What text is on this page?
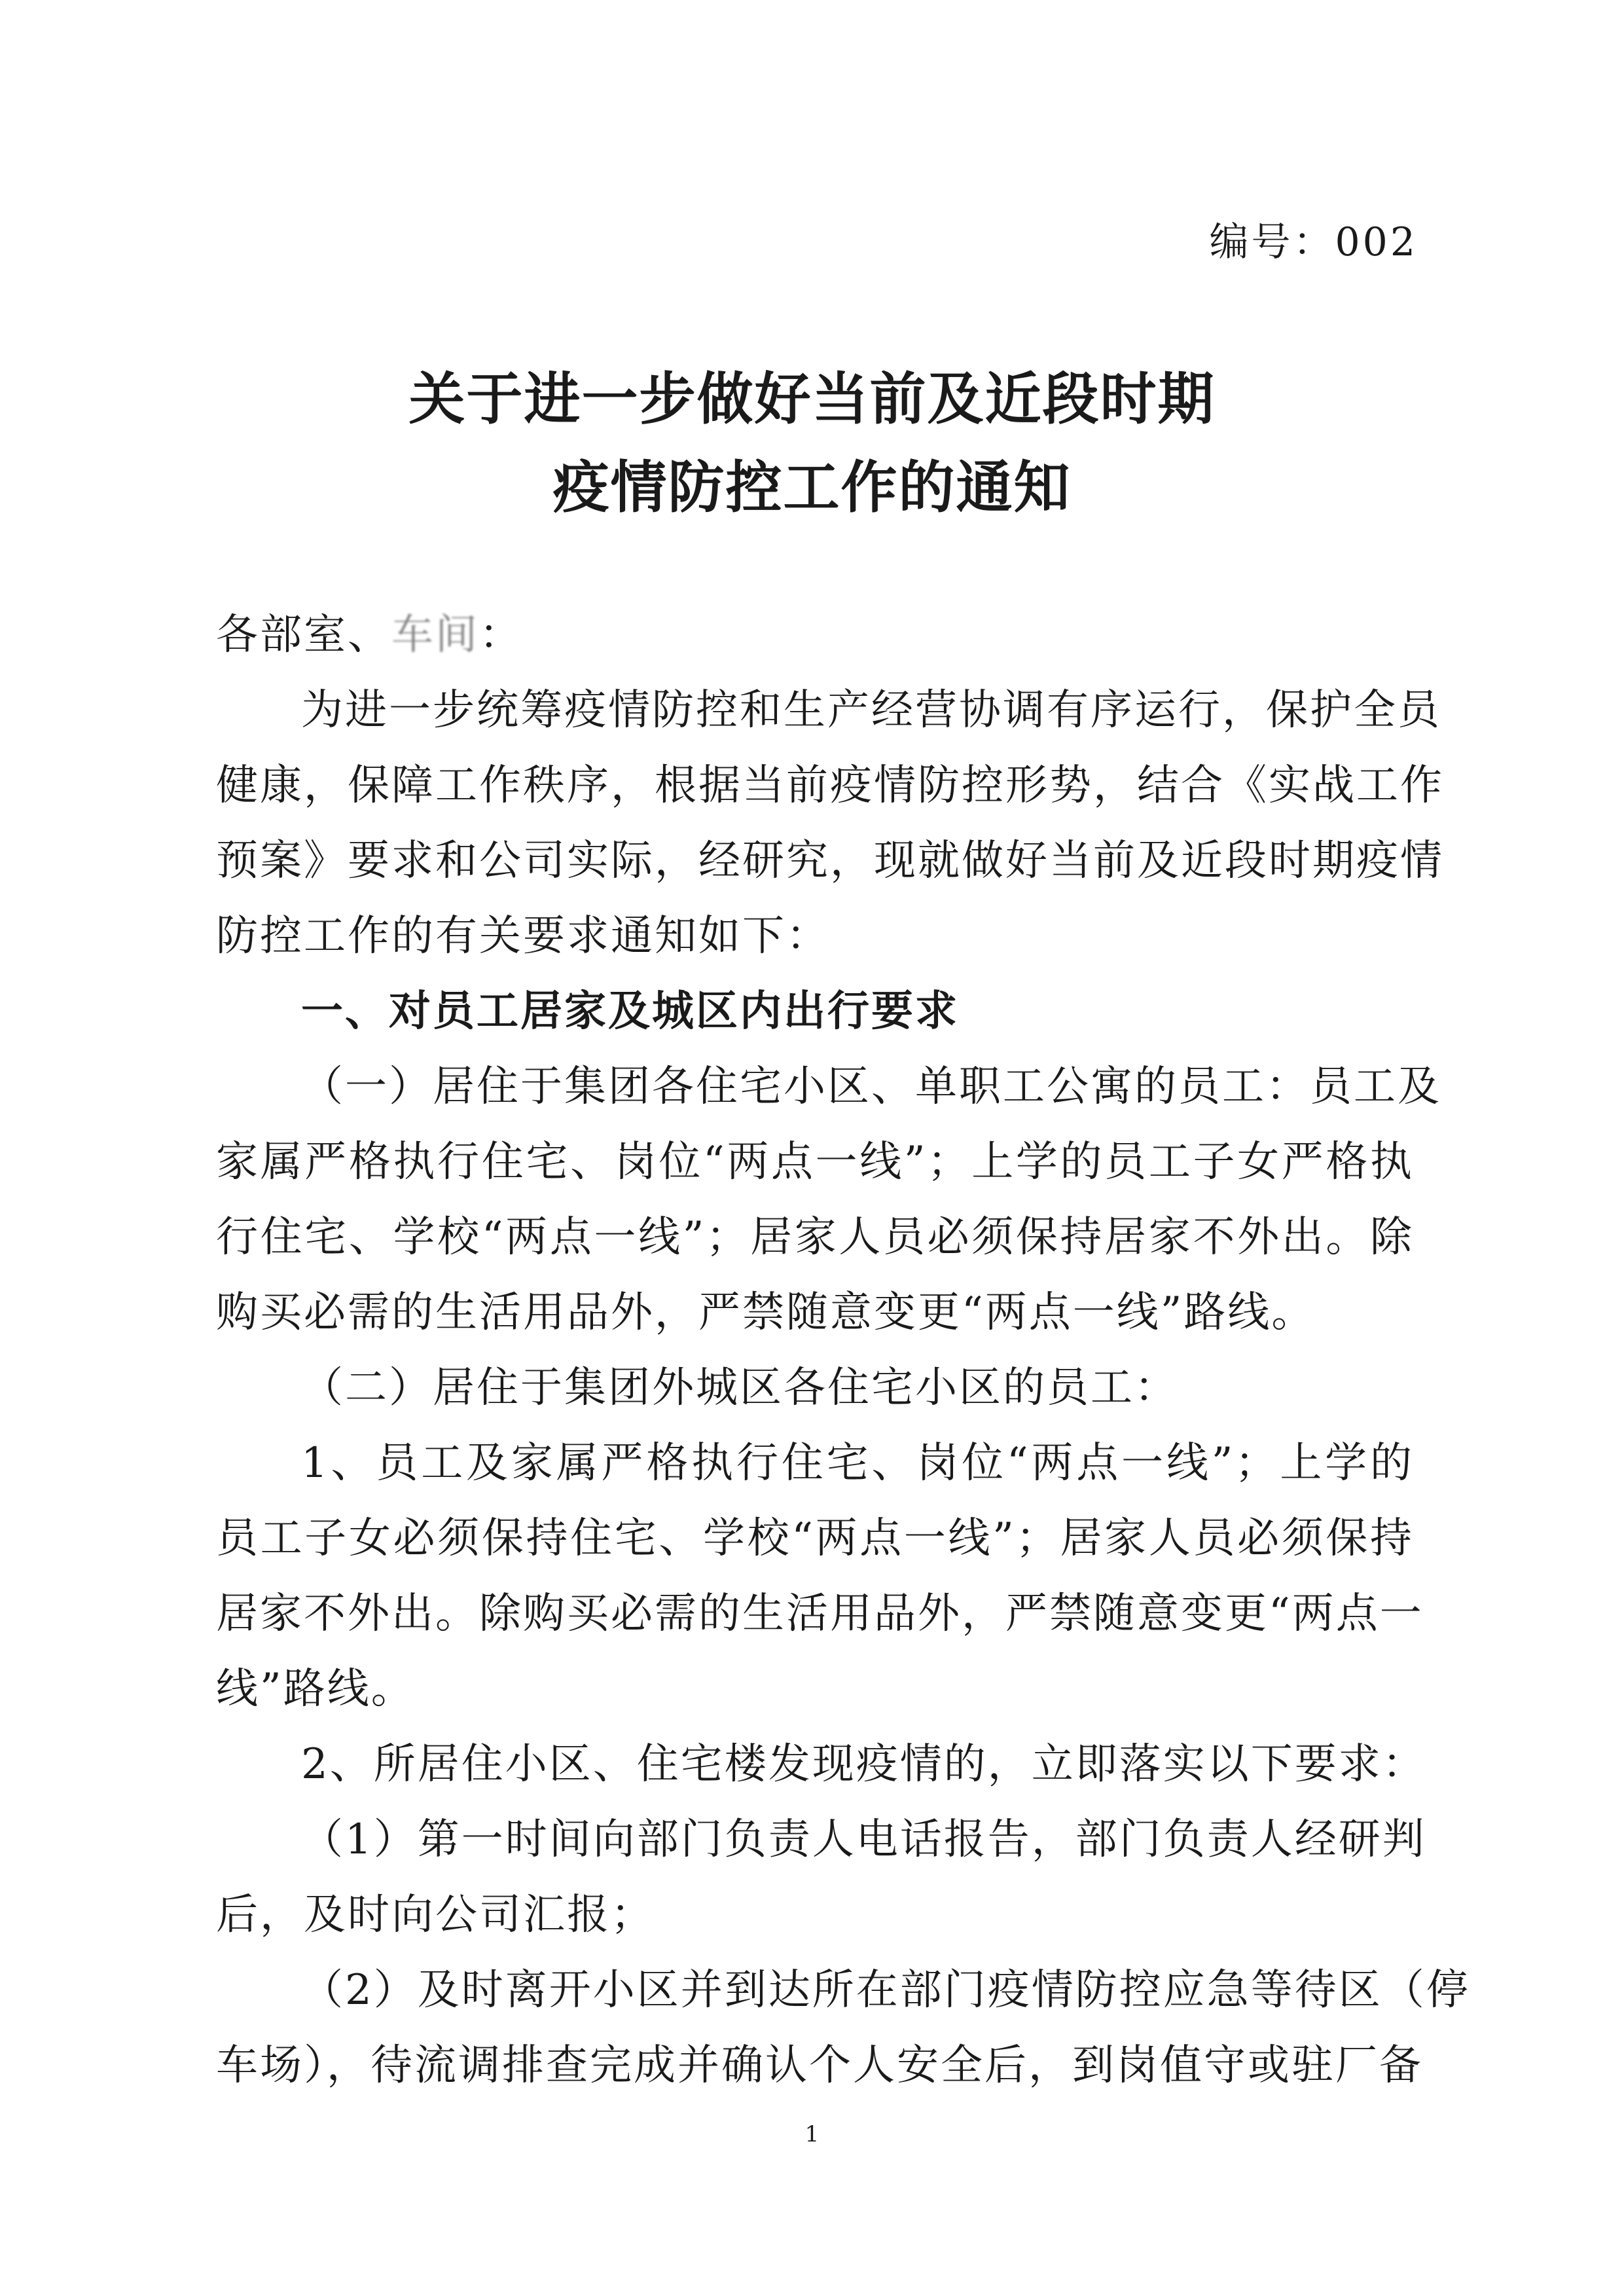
编号：002
关于进一步做好当前及近段时期
疫情防控工作的通知
各部室、车间：
为进一步统筹疫情防控和生产经营协调有序运行，保护全员
健康，保障工作秩序，根据当前疫情防控形势，结合《实战工作
预案》要求和公司实际，经研究，现就做好当前及近段时期疫情
防控工作的有关要求通知如下：
一、对员工居家及城区内出行要求
（一）居住于集团各住宅小区、单职工公寓的员工：员工及
家属严格执行住宅、岗位“两点一线”；上学的员工子女严格执
行住宅、学校“两点一线”；居家人员必须保持居家不外出。除
购买必需的生活用品外，严禁随意变更“两点一线”路线。
（二）居住于集团外城区各住宅小区的员工：
1、员工及家属严格执行住宅、岗位“两点一线”；上学的
员工子女必须保持住宅、学校“两点一线”；居家人员必须保持
居家不外出。除购买必需的生活用品外，严禁随意变更“两点一
线”路线。
2、所居住小区、住宅楼发现疫情的，立即落实以下要求：
（1）第一时间向部门负责人电话报告，部门负责人经研判
后，及时向公司汇报；
（2）及时离开小区并到达所在部门疫情防控应急等待区（停
车场），待流调排查完成并确认个人安全后，到岗值守或驻厂备
1
